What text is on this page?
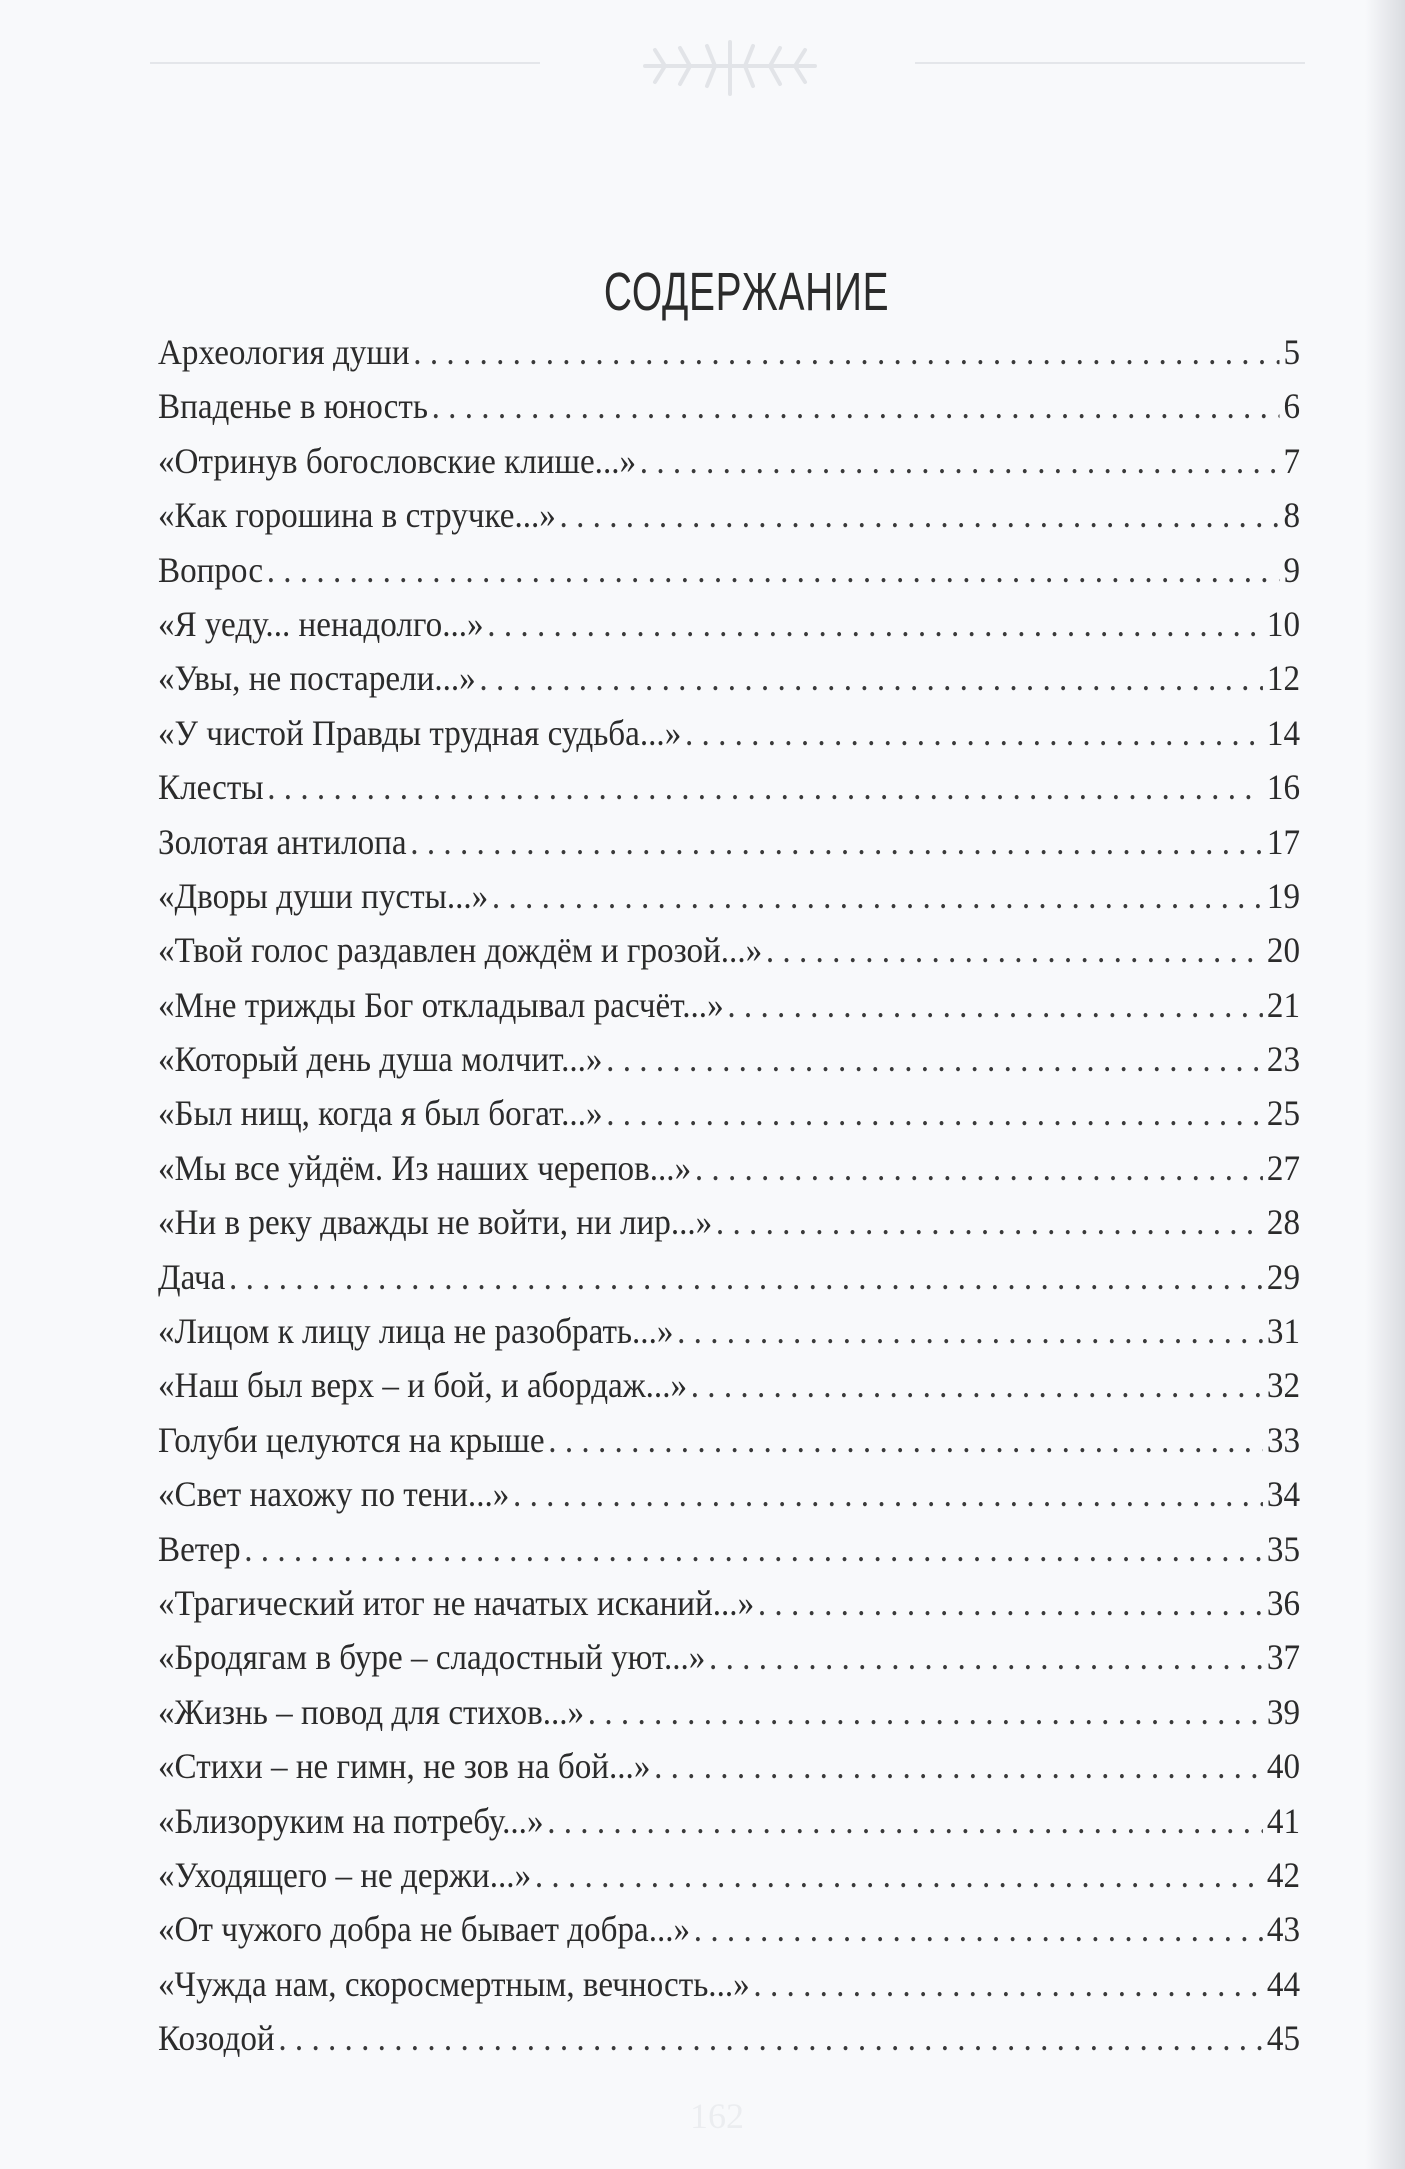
СОДЕРЖАНИЕ
Археология души . . .	5
Впаденье в юность . . .	6
«Отринув богословские клише...» . . .	7
«Как горошина в стручке...» . . .	8
Вопрос . . .	9
«Я уеду... ненадолго...» . . .	10
«Увы, не постарели...» . . .	12
«У чистой Правды трудная судьба...» . . .	14
Клесты . . .	16
Золотая антилопа . . .	17
«Дворы души пусты...» . . .	19
«Твой голос раздавлен дождём и грозой...» . . .	20
«Мне трижды Бог откладывал расчёт...» . . .	21
«Который день душа молчит...» . . .	23
«Был нищ, когда я был богат...» . . .	25
«Мы все уйдём. Из наших черепов...» . . .	27
«Ни в реку дважды не войти, ни лир...» . . .	28
Дача . . .	29
«Лицом к лицу лица не разобрать...» . . .	31
«Наш был верх – и бой, и абордаж...» . . .	32
Голуби целуются на крыше . . .	33
«Свет нахожу по тени...» . . .	34
Ветер . . .	35
«Трагический итог не начатых исканий...» . . .	36
«Бродягам в буре – сладостный уют...» . . .	37
«Жизнь – повод для стихов...» . . .	39
«Стихи – не гимн, не зов на бой...» . . .	40
«Близоруким на потребу...» . . .	41
«Уходящего – не держи...» . . .	42
«От чужого добра не бывает добра...» . . .	43
«Чужда нам, скоросмертным, вечность...» . . .	44
Козодой . . .	45
162
